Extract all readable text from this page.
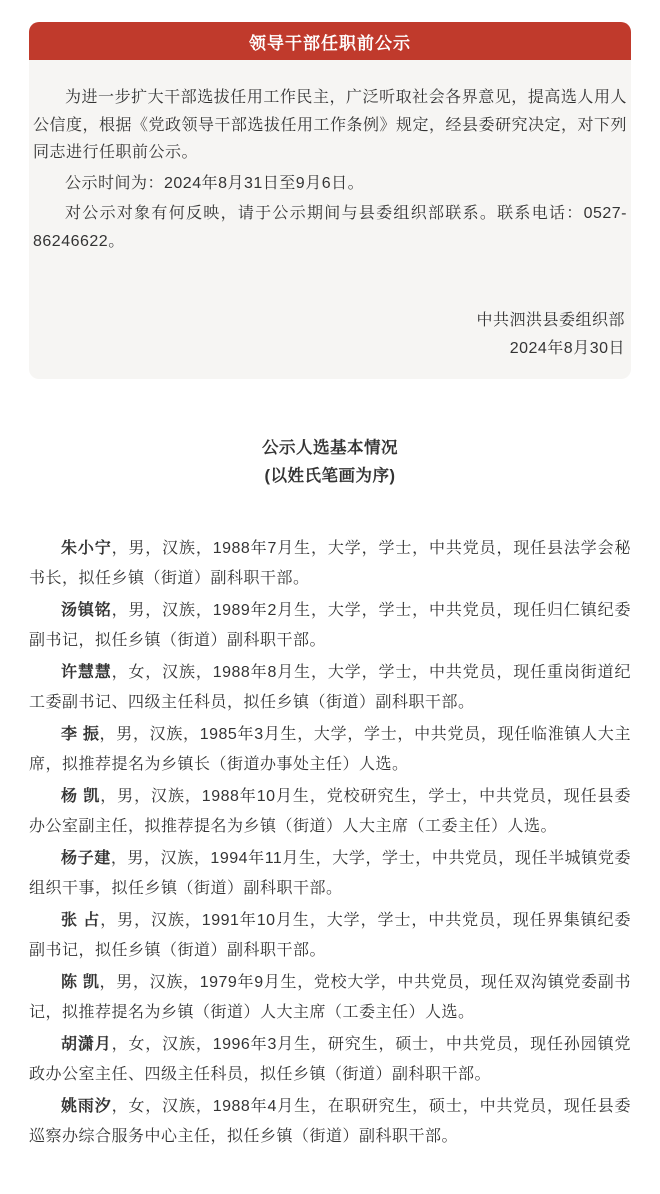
领导干部任职前公示

为进一步扩大干部选拔任用工作民主，广泛听取社会各界意见，提高选人用人公信度，根据《党政领导干部选拔任用工作条例》规定，经县委研究决定，对下列同志进行任职前公示。

公示时间为：2024年8月31日至9月6日。

对公示对象有何反映，请于公示期间与县委组织部联系。联系电话：0527-86246622。

中共泗洪县委组织部
2024年8月30日
公示人选基本情况
(以姓氏笔画为序)

朱小宁，男，汉族，1988年7月生，大学，学士，中共党员，现任县法学会秘书长，拟任乡镇（街道）副科职干部。

汤镇铭，男，汉族，1989年2月生，大学，学士，中共党员，现任归仁镇纪委副书记，拟任乡镇（街道）副科职干部。

许慧慧，女，汉族，1988年8月生，大学，学士，中共党员，现任重岗街道纪工委副书记、四级主任科员，拟任乡镇（街道）副科职干部。

李 振，男，汉族，1985年3月生，大学，学士，中共党员，现任临淮镇人大主席，拟推荐提名为乡镇长（街道办事处主任）人选。

杨 凯，男，汉族，1988年10月生，党校研究生，学士，中共党员，现任县委办公室副主任，拟推荐提名为乡镇（街道）人大主席（工委主任）人选。

杨子建，男，汉族，1994年11月生，大学，学士，中共党员，现任半城镇党委组织干事，拟任乡镇（街道）副科职干部。

张 占，男，汉族，1991年10月生，大学，学士，中共党员，现任界集镇纪委副书记，拟任乡镇（街道）副科职干部。

陈 凯，男，汉族，1979年9月生，党校大学，中共党员，现任双沟镇党委副书记，拟推荐提名为乡镇（街道）人大主席（工委主任）人选。

胡潇月，女，汉族，1996年3月生，研究生，硕士，中共党员，现任孙园镇党政办公室主任、四级主任科员，拟任乡镇（街道）副科职干部。

姚雨汐，女，汉族，1988年4月生，在职研究生，硕士，中共党员，现任县委巡察办综合服务中心主任，拟任乡镇（街道）副科职干部。
